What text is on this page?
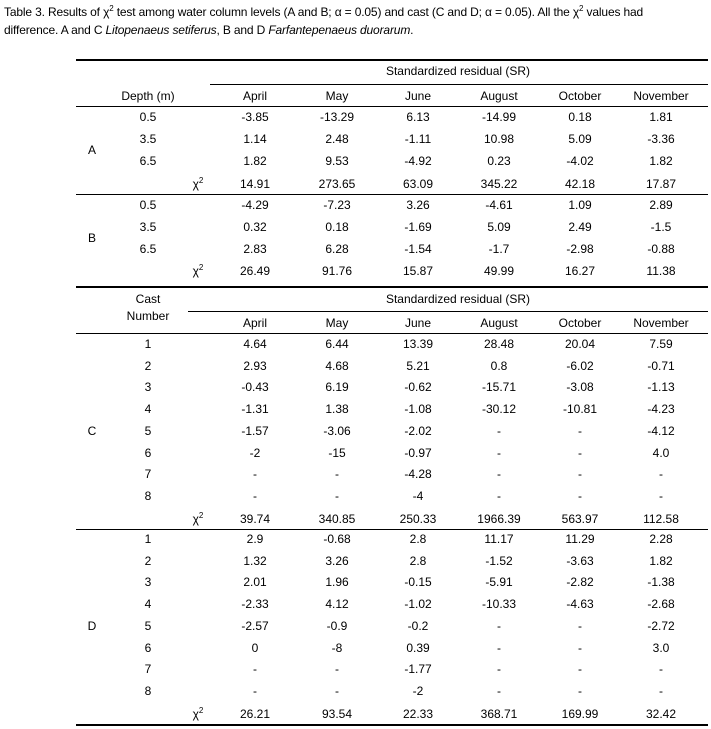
Table 3. Results of $\chi^2$ test among water column levels (A and B; α = 0.05) and cast (C and D; α = 0.05). All the $\chi^2$ values had
difference. A and C Litopenaeus setiferus, B and D Farfantepenaeus duorarum.
Standardized residual (SR)
Depth (m)	April	May	June	August	October	November
A
0.5	-3.85	-13.29	6.13	-14.99	0.18	1.81
3.5	1.14	2.48	-1.11	10.98	5.09	-3.36
6.5	1.82	9.53	-4.92	0.23	-4.02	1.82
$\chi^2$	14.91	273.65	63.09	345.22	42.18	17.87
B
0.5	-4.29	-7.23	3.26	-4.61	1.09	2.89
3.5	0.32	0.18	-1.69	5.09	2.49	-1.5
6.5	2.83	6.28	-1.54	-1.7	-2.98	-0.88
$\chi^2$	26.49	91.76	15.87	49.99	16.27	11.38
Cast
Number
Standardized residual (SR)
April	May	June	August	October	November
C
1	4.64	6.44	13.39	28.48	20.04	7.59
2	2.93	4.68	5.21	0.8	-6.02	-0.71
3	-0.43	6.19	-0.62	-15.71	-3.08	-1.13
4	-1.31	1.38	-1.08	-30.12	-10.81	-4.23
5	-1.57	-3.06	-2.02	-	-	-4.12
6	-2	-15	-0.97	-	-	4.0
7	-	-	-4.28	-	-	-
8	-	-	-4	-	-	-
$\chi^2$	39.74	340.85	250.33	1966.39	563.97	112.58
D
1	2.9	-0.68	2.8	11.17	11.29	2.28
2	1.32	3.26	2.8	-1.52	-3.63	1.82
3	2.01	1.96	-0.15	-5.91	-2.82	-1.38
4	-2.33	4.12	-1.02	-10.33	-4.63	-2.68
5	-2.57	-0.9	-0.2	-	-	-2.72
6	0	-8	0.39	-	-	3.0
7	-	-	-1.77	-	-	-
8	-	-	-2	-	-	-
$\chi^2$	26.21	93.54	22.33	368.71	169.99	32.42
